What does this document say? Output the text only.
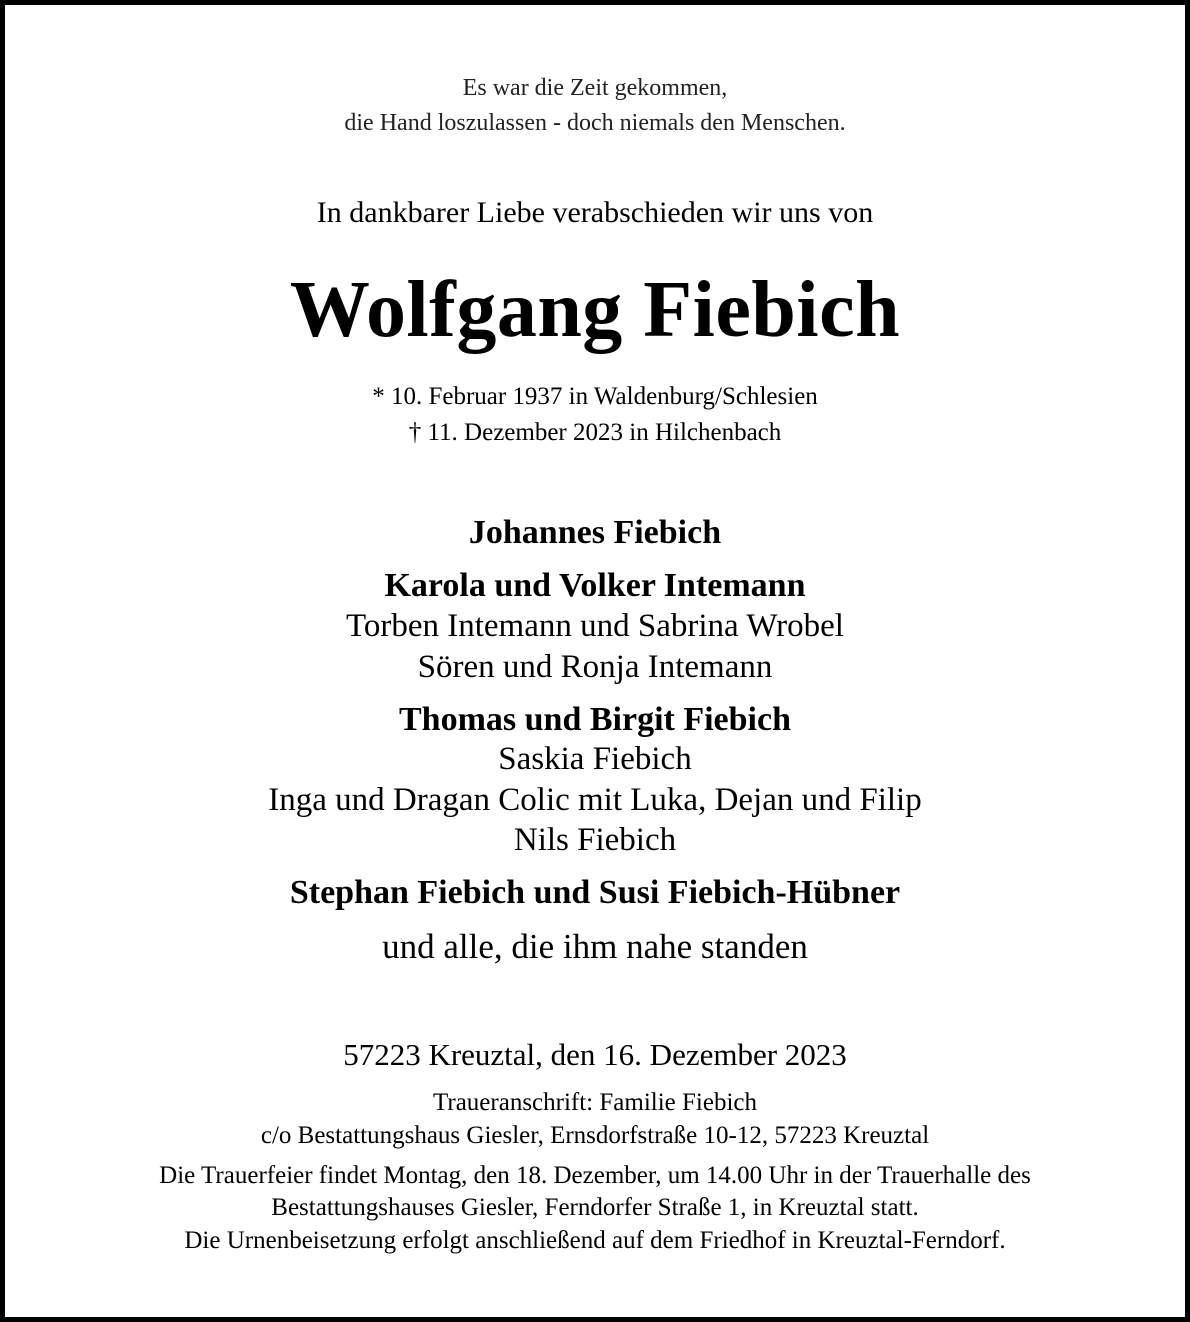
Es war die Zeit gekommen,
die Hand loszulassen - doch niemals den Menschen.
In dankbarer Liebe verabschieden wir uns von
Wolfgang Fiebich
* 10. Februar 1937 in Waldenburg/Schlesien
† 11. Dezember 2023 in Hilchenbach
Johannes Fiebich
Karola und Volker Intemann
Torben Intemann und Sabrina Wrobel
Sören und Ronja Intemann
Thomas und Birgit Fiebich
Saskia Fiebich
Inga und Dragan Colic mit Luka, Dejan und Filip
Nils Fiebich
Stephan Fiebich und Susi Fiebich-Hübner
und alle, die ihm nahe standen
57223 Kreuztal, den 16. Dezember 2023
Traueranschrift: Familie Fiebich
c/o Bestattungshaus Giesler, Ernsdorfstraße 10-12, 57223 Kreuztal
Die Trauerfeier findet Montag, den 18. Dezember, um 14.00 Uhr in der Trauerhalle des
Bestattungshauses Giesler, Ferndorfer Straße 1, in Kreuztal statt.
Die Urnenbeisetzung erfolgt anschließend auf dem Friedhof in Kreuztal-Ferndorf.
